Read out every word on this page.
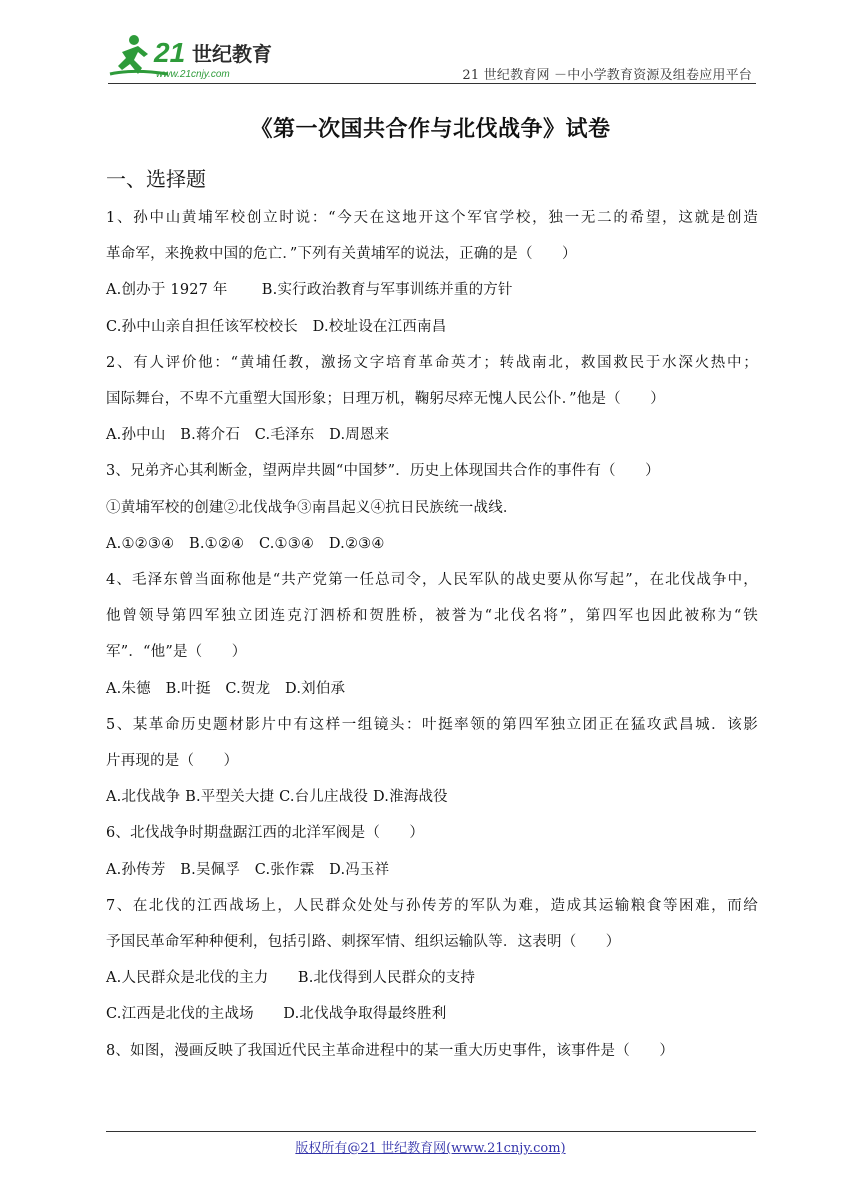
21 世纪教育
www.21cnjy.com	21 世纪教育网 －中小学教育资源及组卷应用平台
《第一次国共合作与北伐战争》试卷
一、选择题
1、孙中山黄埔军校创立时说：“今天在这地开这个军官学校，独一无二的希望，这就是创造
革命军，来挽救中国的危亡．”下列有关黄埔军的说法，正确的是（　　）
A.创办于 1927 年　　 B.实行政治教育与军事训练并重的方针
C.孙中山亲自担任该军校校长　D.校址设在江西南昌
2、有人评价他：“黄埔任教，激扬文字培育革命英才；转战南北，救国救民于水深火热中；
国际舞台，不卑不亢重塑大国形象；日理万机，鞠躬尽瘁无愧人民公仆．”他是（　　）
A.孙中山　B.蒋介石　C.毛泽东　D.周恩来
3、兄弟齐心其利断金，望两岸共圆“中国梦”．历史上体现国共合作的事件有（　　）
①黄埔军校的创建②北伐战争③南昌起义④抗日民族统一战线．
A.①②③④　B.①②④　C.①③④　D.②③④
4、毛泽东曾当面称他是“共产党第一任总司令，人民军队的战史要从你写起”，在北伐战争中，
他曾领导第四军独立团连克汀泗桥和贺胜桥，被誉为“北伐名将”，第四军也因此被称为“铁
军”．“他”是（　　）
A.朱德　B.叶挺　C.贺龙　D.刘伯承
5、某革命历史题材影片中有这样一组镜头：叶挺率领的第四军独立团正在猛攻武昌城．该影
片再现的是（　　）
A.北伐战争 B.平型关大捷 C.台儿庄战役 D.淮海战役
6、北伐战争时期盘踞江西的北洋军阀是（　　）
A.孙传芳　B.吴佩孚　C.张作霖　D.冯玉祥
7、在北伐的江西战场上，人民群众处处与孙传芳的军队为难，造成其运输粮食等困难，而给
予国民革命军种种便利，包括引路、刺探军情、组织运输队等．这表明（　　）
A.人民群众是北伐的主力　　B.北伐得到人民群众的支持
C.江西是北伐的主战场　　D.北伐战争取得最终胜利
8、如图，漫画反映了我国近代民主革命进程中的某一重大历史事件，该事件是（　　）
版权所有@21 世纪教育网(www.21cnjy.com)
